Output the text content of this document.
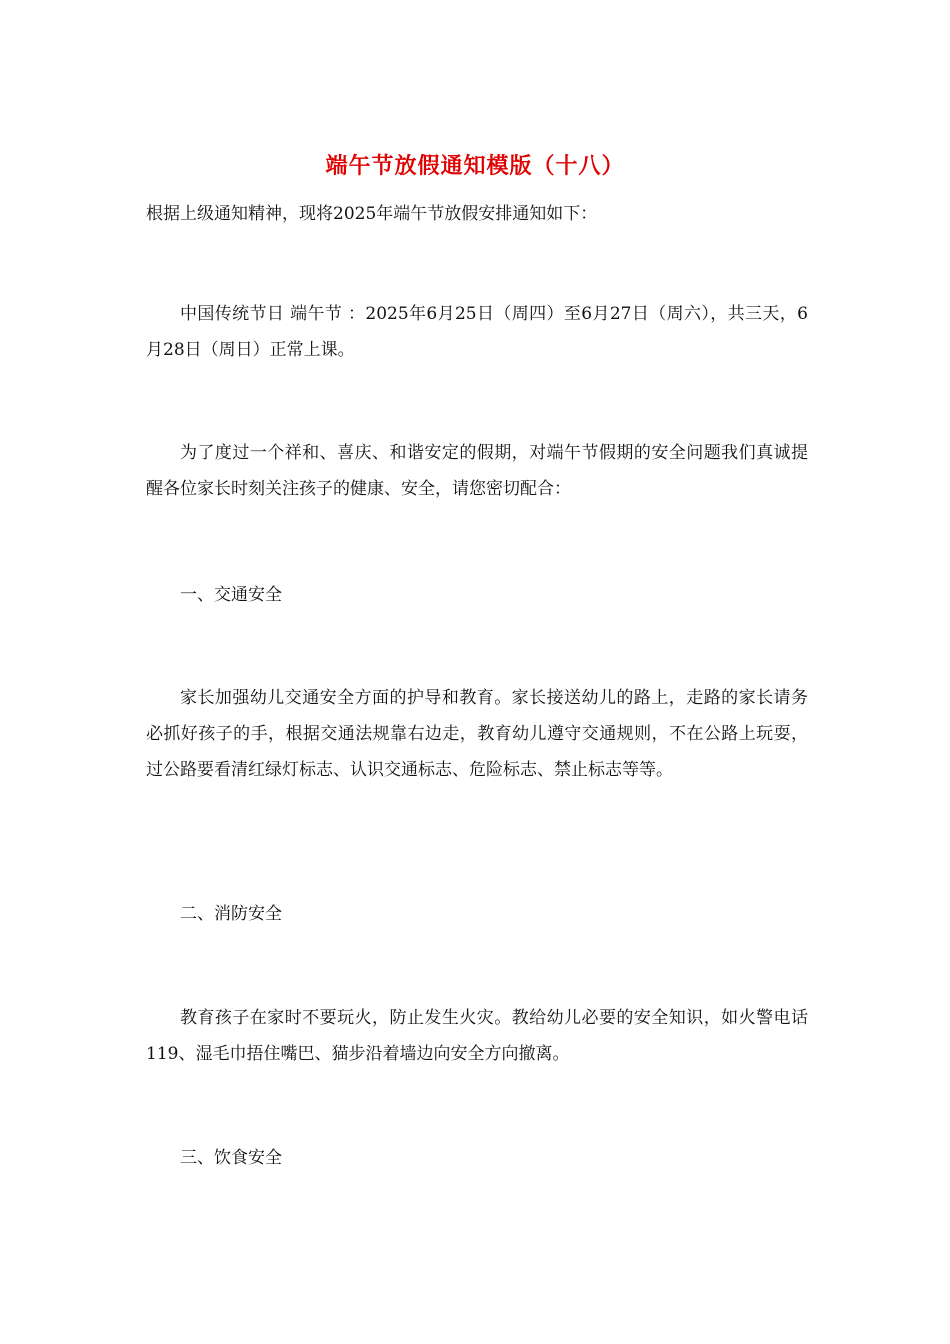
端午节放假通知模版（十八）

根据上级通知精神，现将2025年端午节放假安排通知如下：

中国传统节日 端午节 ：2025年6月25日（周四）至6月27日（周六），共三天，6月28日（周日）正常上课。

为了度过一个祥和、喜庆、和谐安定的假期，对端午节假期的安全问题我们真诚提醒各位家长时刻关注孩子的健康、安全，请您密切配合：

一、交通安全

家长加强幼儿交通安全方面的护导和教育。家长接送幼儿的路上，走路的家长请务必抓好孩子的手，根据交通法规靠右边走，教育幼儿遵守交通规则，不在公路上玩耍，过公路要看清红绿灯标志、认识交通标志、危险标志、禁止标志等等。

二、消防安全

教育孩子在家时不要玩火，防止发生火灾。教给幼儿必要的安全知识，如火警电话119、湿毛巾捂住嘴巴、猫步沿着墙边向安全方向撤离。

三、饮食安全
